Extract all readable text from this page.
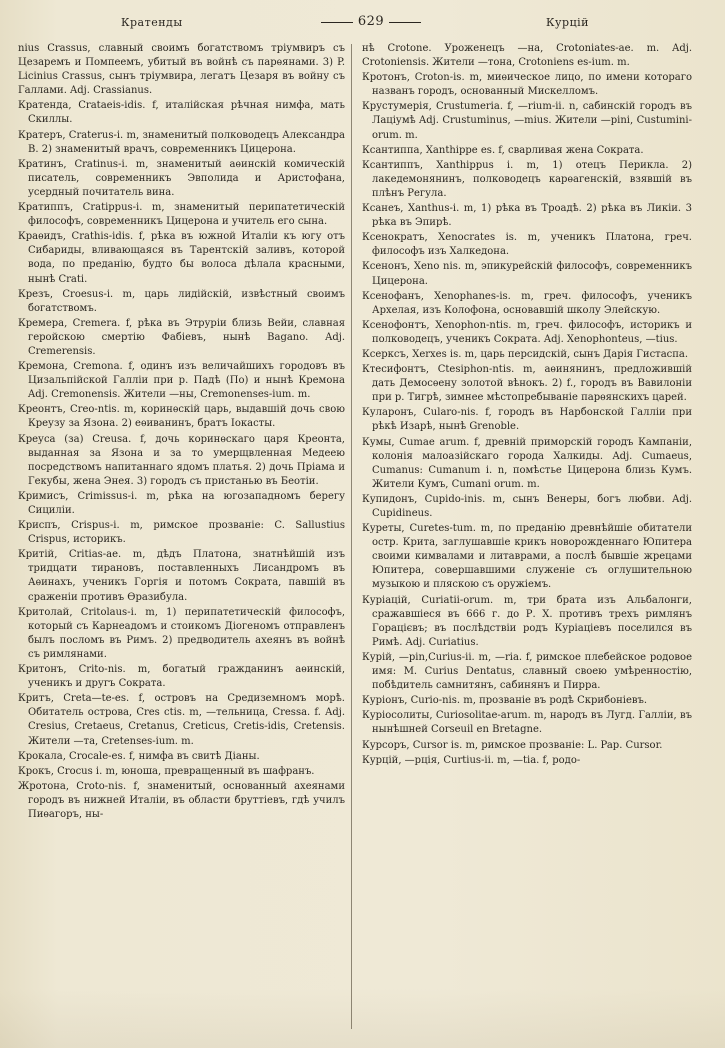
Кратенды	629	Курцій

nius Crassus, славный своимъ богатствомъ тріумвиръ съ Цезаремъ и Помпеемъ, убитый въ войнѣ съ парѳянами. 3) P. Licinius Crassus, сынъ тріумвира, легатъ Цезаря въ войну съ Галлами. Adj. Crassianus.

Кратенда, Crataeis-idis. f, италійская рѣчная нимфа, мать Скиллы.

Кратеръ, Craterus-i. m, знаменитый полководецъ Александра В. 2) знаменитый врачъ, современникъ Цицерона.

Кратинъ, Cratinus-i. m, знаменитый аѳинскій комическій писатель, современникъ Эвполида и Аристофана, усердный почитатель вина.

Кратиппъ, Cratippus-i. m, знаменитый перипатетическій философъ, современникъ Цицерона и учитель его сына.

Краѳидъ, Crathis-idis. f, рѣка въ южной Италіи къ югу отъ Сибариды, вливающаяся въ Тарентскій заливъ, которой вода, по преданію, будто бы волоса дѣлала красными, нынѣ Crati.

Крезъ, Croesus-i. m, царь лидійскій, извѣстный своимъ богатствомъ.

Кремера, Cremera. f, рѣка въ Этруріи близь Вейи, славная геройскою смертію Фабіевъ, нынѣ Bagano. Adj. Cremerensis.

Кремона, Cremona. f, одинъ изъ величайшихъ городовъ въ Цизальпійской Галліи при р. Падѣ (По) и нынѣ Кремона Adj. Cremonensis. Жители —ны, Cremonenses-ium. m.

Креонтъ, Creo-ntis. m, коринѳскій царь, выдавшій дочь свою Креузу за Язона. 2) еѳиванинъ, братъ Іокасты.

Креуса (за) Creusa. f, дочь коринѳскаго царя Креонта, выданная за Язона и за то умерщвленная Медеею посредствомъ напитаннаго ядомъ платья. 2) дочь Пріама и Гекубы, жена Энея. 3) городъ съ пристанью въ Беотіи.

Кримисъ, Crimissus-i. m, рѣка на югозападномъ берегу Сициліи.

Криспъ, Crispus-i. m, римское прозваніе: C. Sallustius Crispus, историкъ.

Критій, Critias-ae. m, дѣдъ Платона, знатнѣйшій изъ тридцати тирановъ, поставленныхъ Лисандромъ въ Аѳинахъ, ученикъ Горгія и потомъ Сократа, павшій въ сраженіи противъ Ѳразибула.

Критолай, Critolaus-i. m, 1) перипатетическій философъ, который съ Карнеадомъ и стоикомъ Діогеномъ отправленъ былъ посломъ въ Римъ. 2) предводитель ахеянъ въ войнѣ съ римлянами.

Критонъ, Crito-nis. m, богатый гражданинъ аѳинскій, ученикъ и другъ Сократа.

Критъ, Creta—te-es. f, островъ на Средиземномъ морѣ. Обитатель острова, Cres ctis. m, —тельница, Cressa. f. Adj. Cresius, Cretaeus, Cretanus, Creticus, Cretis-idis, Cretensis. Жители —та, Cretenses-ium. m.

Крокала, Crocale-es. f, нимфа въ свитѣ Діаны.

Крокъ, Crocus i. m, юноша, превращенный въ шафранъ.

Жротона, Croto-nis. f, знаменитый, основанный ахеянами городъ въ нижней Италіи, въ области бруттіевъ, гдѣ училъ Пиѳагоръ, ны-

нѣ Crotone. Уроженецъ —на, Crotoniates-ae. m. Adj. Crotoniensis. Жители —тона, Crotoniens es-ium. m.

Кротонъ, Croton-is. m, миѳическое лицо, по имени котораго названъ городъ, основанный Мискелломъ.

Крустумерія, Crustumeria. f, —rium-ii. n, сабинскій городъ въ Лаціумѣ Adj. Crustuminus, —mius. Жители —pini, Custumini-orum. m.

Ксантиппа, Xanthippe es. f, сварливая жена Сократа.

Ксантиппъ, Xanthippus i. m, 1) отецъ Перикла. 2) лакедемонянинъ, полководецъ карѳагенскій, взявшій въ плѣнъ Регула.

Ксанеъ, Xanthus-i. m, 1) рѣка въ Троадѣ. 2) рѣка въ Ликіи. 3 рѣка въ Эпирѣ.

Ксенократъ, Xenocrates is. m, ученикъ Платона, греч. философъ изъ Халкедона.

Ксенонъ, Xeno nis. m, эпикурейскій философъ, современникъ Цицерона.

Ксенофанъ, Xenophanes-is. m, греч. философъ, ученикъ Архелая, изъ Колофона, основавшій школу Элейскую.

Ксенофонтъ, Xenophon-ntis. m, греч. философъ, историкъ и полководецъ, ученикъ Сократа. Adj. Xenophonteus, —tius.

Ксерксъ, Xerxes is. m, царь персидскій, сынъ Дарія Гистаспа.

Ктесифонтъ, Ctesiphon-ntis. m, аѳинянинъ, предложившій дать Демосѳену золотой вѣнокъ. 2) f., городъ въ Вавилоніи при р. Тигрѣ, зимнее мѣстопребываніе парѳянскихъ царей.

Куларонъ, Cularo-nis. f, городъ въ Нарбонской Галліи при рѣкѣ Изарѣ, нынѣ Grenoble.

Кумы, Cumae arum. f, древній приморскій городъ Кампаніи, колонія малоазійскаго города Халкиды. Adj. Cumaeus, Cumanus: Cumanum i. n, помѣстье Цицерона близь Кумъ. Жители Кумъ, Cumani orum. m.

Купидонъ, Cupido-inis. m, сынъ Венеры, богъ любви. Adj. Cupidineus.

Куреты, Curetes-tum. m, по преданію древнѣйшіе обитатели остр. Крита, заглушавшіе крикъ новорожденнаго Юпитера своими кимвалами и литаврами, а послѣ бывшіе жрецами Юпитера, совершавшими служеніе съ оглушительною музыкою и пляскою съ оружіемъ.

Куріацій, Curiatii-orum. m, три брата изъ Альбалонги, сражавшіеся въ 666 г. до Р. Х. противъ трехъ римлянъ Горацієвъ; въ послѣдствіи родъ Куріаціевъ поселился въ Римѣ. Adj. Curiatius.

Курій, —pin,Curius-ii. m, —ria. f, римское плебейское родовое имя: M. Curius Dentatus, славный своею умѣренностію, побѣдитель самнитянъ, сабинянъ и Пирра.

Куріонъ, Curio-nis. m, прозваніе въ родѣ Скрибоніевъ.

Куріосолиты, Curiosolitae-arum. m, народъ въ Лугд. Галліи, въ нынѣшней Corseuil en Bretagne.

Курсоръ, Cursor is. m, римское прозваніе: L. Pap. Cursor.

Курцій, —рція, Curtius-ii. m, —tia. f, родо-
